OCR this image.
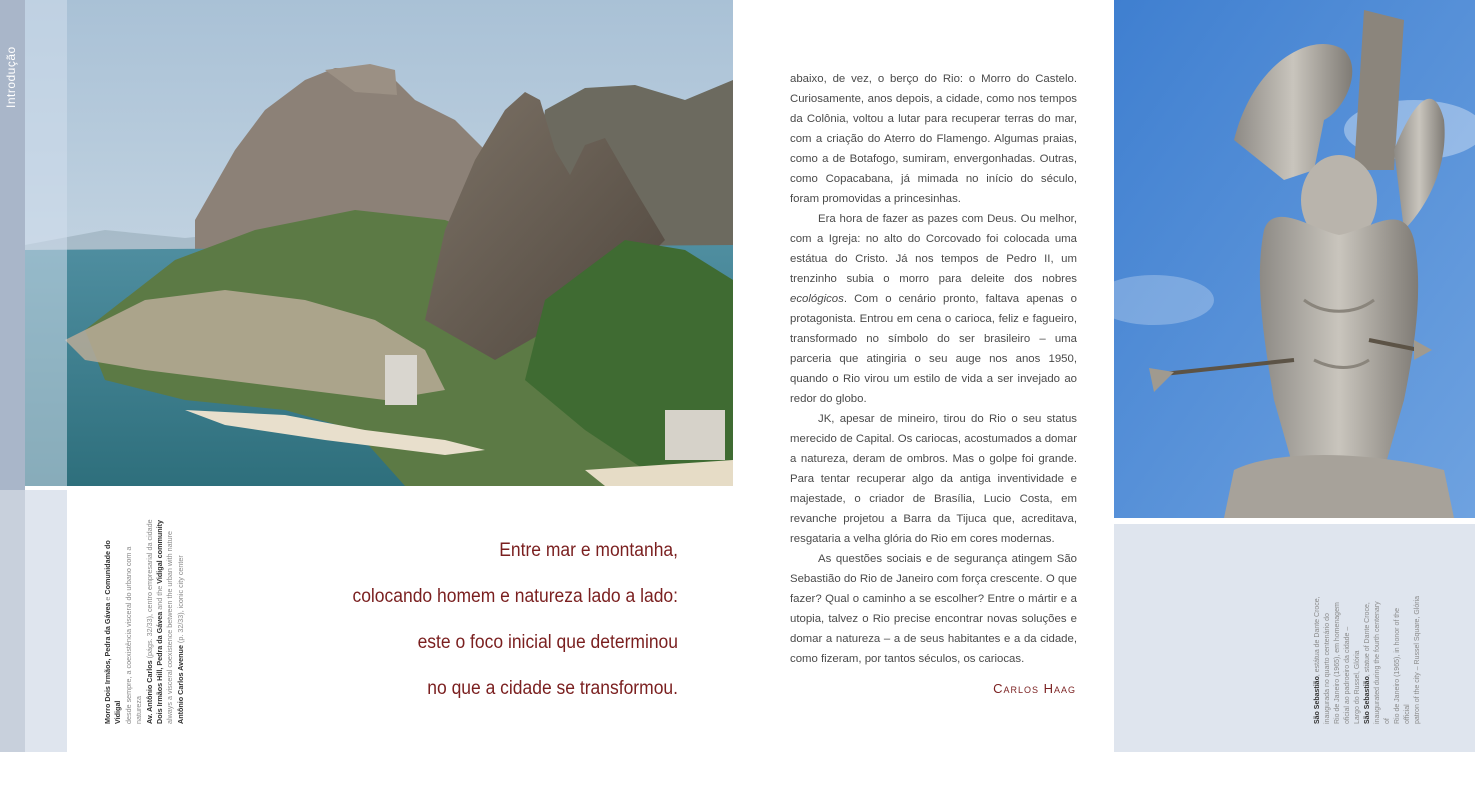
Introdução
Morro Dois Irmãos, Pedra da Gávea e Comunidade do Vidigal desde sempre, a coexistência visceral do urbano com a natureza Av. Antônio Carlos (págs. 32/33), centro empresarial da cidade
Dois Irmãos Hill, Pedra da Gávea and the Vidigal community always a visceral coexistence between the urban with nature Antônio Carlos Avenue (p. 32/33), iconic city center
Entre mar e montanha,
colocando homem e natureza lado a lado:
este o foco inicial que determinou
no que a cidade se transformou.

abaixo, de vez, o berço do Rio: o Morro do Castelo. Curiosamente, anos depois, a cidade, como nos tempos da Colônia, voltou a lutar para recuperar terras do mar, com a criação do Aterro do Flamengo. Algumas praias, como a de Botafogo, sumiram, envergonhadas. Outras, como Copacabana, já mimada no início do século, foram promovidas a princesinhas.

Era hora de fazer as pazes com Deus. Ou melhor, com a Igreja: no alto do Corcovado foi colocada uma estátua do Cristo. Já nos tempos de Pedro II, um trenzinho subia o morro para deleite dos nobres ecológicos. Com o cenário pronto, faltava apenas o protagonista. Entrou em cena o carioca, feliz e fagueiro, transformado no símbolo do ser brasileiro – uma parceria que atingiria o seu auge nos anos 1950, quando o Rio virou um estilo de vida a ser invejado ao redor do globo.

JK, apesar de mineiro, tirou do Rio o seu status merecido de Capital. Os cariocas, acostumados a domar a natureza, deram de ombros. Mas o golpe foi grande. Para tentar recuperar algo da antiga inventividade e majestade, o criador de Brasília, Lucio Costa, em revanche projetou a Barra da Tijuca que, acreditava, resgataria a velha glória do Rio em cores modernas.

As questões sociais e de segurança atingem São Sebastião do Rio de Janeiro com força crescente. O que fazer? Qual o caminho a se escolher? Entre o mártir e a utopia, talvez o Rio precise encontrar novas soluções e domar a natureza – a de seus habitantes e a da cidade, como fizeram, por tantos séculos, os cariocas.

Carlos Haag	São Sebastião, estátua de Dante Croce, inaugurada no quarto centenário do Rio de Janeiro (1965), em homenagem oficial ao padroeiro da cidade – Largo do Russel, Glória São Sebastião, statue of Dante Croce, inaugurated during the fourth centenary of Rio de Janeiro (1965), in honor of the official patron of the city – Russel Square, Glória
